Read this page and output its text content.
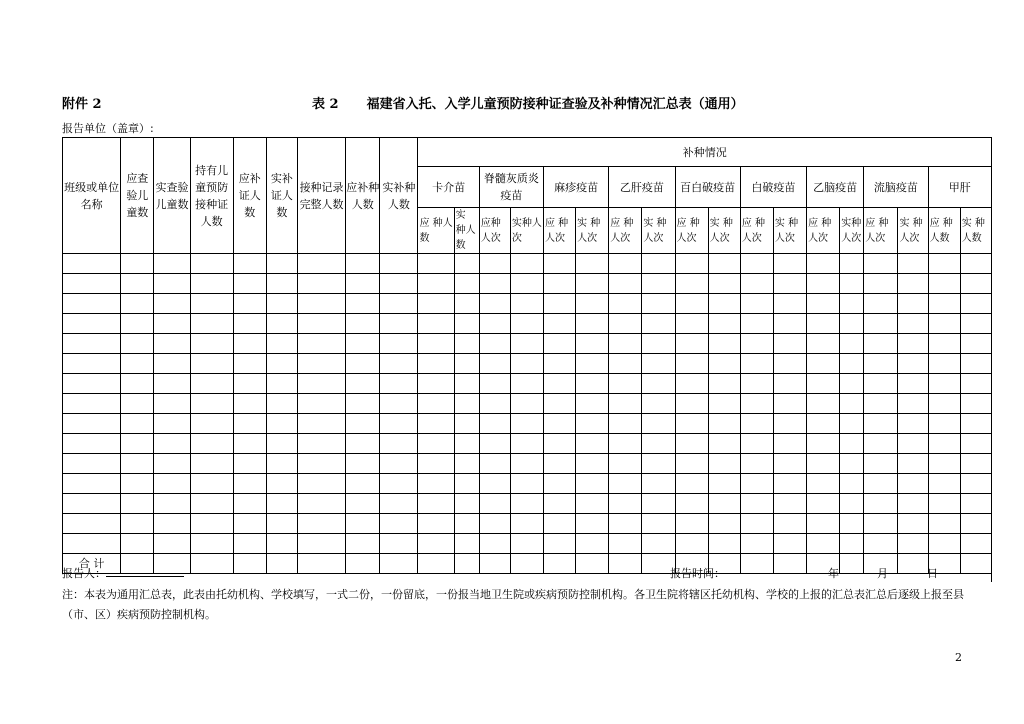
附件 2	表 2 福建省入托、入学儿童预防接种证查验及补种情况汇总表（通用）
报告单位（盖章）:
班级或单位名称	应查验儿童数	实查验儿童数	持有儿童预防接种证人数	应补证人数	实补证人数	接种记录完整人数	应补种人数	实补种人数	补种情况																	
									卡介苗		脊髓灰质炎疫苗		麻疹疫苗		乙肝疫苗		百白破疫苗		白破疫苗		乙脑疫苗		流脑疫苗		甲肝	
									应 种人数	实 种人数	应种人次	实种人次	应 种人次	实 种人次	应 种人次	实 种人次	应 种人次	实 种人次	应 种人次	实 种人次	应 种人次	实种人次	应 种人次	实 种人次	应 种人数	实 种人数

合 计																										
报告人：	报告时间：	年	月	日
注：本表为通用汇总表，此表由托幼机构、学校填写，一式二份，一份留底，一份报当地卫生院或疾病预防控制机构。各卫生院将辖区托幼机构、学校的上报的汇总表汇总后逐级上报至县（市、区）疾病预防控制机构。
2
